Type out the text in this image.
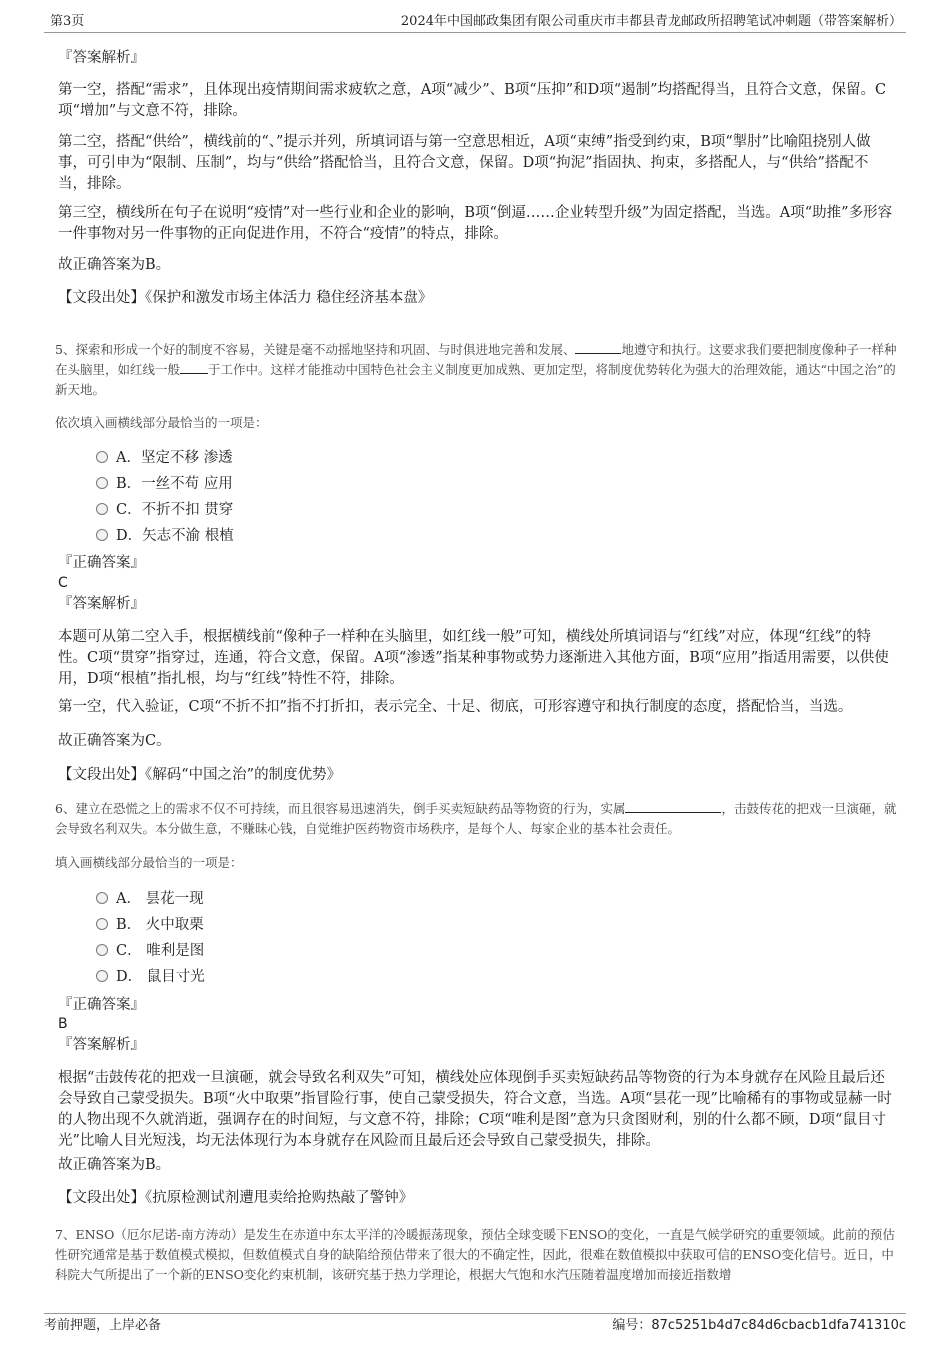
第3页	2024年中国邮政集团有限公司重庆市丰都县青龙邮政所招聘笔试冲刺题（带答案解析）
『答案解析』
第一空，搭配“需求”，且体现出疫情期间需求疲软之意，A项“减少”、B项“压抑”和D项“遏制”均搭配得当，且符合文意，保留。C项“增加”与文意不符，排除。
第二空，搭配“供给”，横线前的“、”提示并列，所填词语与第一空意思相近，A项“束缚”指受到约束，B项“掣肘”比喻阻挠别人做事，可引申为“限制、压制”，均与“供给”搭配恰当，且符合文意，保留。D项“拘泥”指固执、拘束，多搭配人，与“供给”搭配不当，排除。
第三空，横线所在句子在说明“疫情”对一些行业和企业的影响，B项“倒逼……企业转型升级”为固定搭配，当选。A项“助推”多形容一件事物对另一件事物的正向促进作用，不符合“疫情”的特点，排除。
故正确答案为B。
【文段出处】《保护和激发市场主体活力 稳住经济基本盘》
5、探索和形成一个好的制度不容易，关键是毫不动摇地坚持和巩固、与时俱进地完善和发展、	地遵守和执行。这要求我们要把制度像种子一样种在头脑里，如红线一般 于工作中。这样才能推动中国特色社会主义制度更加成熟、更加定型，将制度优势转化为强大的治理效能，通达“中国之治”的新天地。
依次填入画横线部分最恰当的一项是：
A．坚定不移 渗透
B．一丝不苟 应用
C．不折不扣 贯穿
D．矢志不渝 根植
『正确答案』
C
『答案解析』
本题可从第二空入手，根据横线前“像种子一样种在头脑里，如红线一般”可知，横线处所填词语与“红线”对应，体现“红线”的特性。C项“贯穿”指穿过，连通，符合文意，保留。A项“渗透”指某种事物或势力逐渐进入其他方面，B项“应用”指适用需要，以供使用，D项“根植”指扎根，均与“红线”特性不符，排除。
第一空，代入验证，C项“不折不扣”指不打折扣，表示完全、十足、彻底，可形容遵守和执行制度的态度，搭配恰当，当选。
故正确答案为C。
【文段出处】《解码“中国之治”的制度优势》
6、建立在恐慌之上的需求不仅不可持续，而且很容易迅速消失，倒手买卖短缺药品等物资的行为，实属	，击鼓传花的把戏一旦演砸，就会导致名利双失。本分做生意，不赚昧心钱，自觉维护医药物资市场秩序，是每个人、每家企业的基本社会责任。
填入画横线部分最恰当的一项是：
A． 昙花一现
B． 火中取栗
C． 唯利是图
D． 鼠目寸光
『正确答案』
B
『答案解析』
根据“击鼓传花的把戏一旦演砸，就会导致名利双失”可知，横线处应体现倒手买卖短缺药品等物资的行为本身就存在风险且最后还会导致自己蒙受损失。B项“火中取栗”指冒险行事，使自己蒙受损失，符合文意，当选。A项“昙花一现”比喻稀有的事物或显赫一时的人物出现不久就消逝，强调存在的时间短，与文意不符，排除；C项“唯利是图”意为只贪图财利，别的什么都不顾，D项“鼠目寸光”比喻人目光短浅，均无法体现行为本身就存在风险而且最后还会导致自己蒙受损失，排除。
故正确答案为B。
【文段出处】《抗原检测试剂遭甩卖给抢购热敲了警钟》
7、ENSO（厄尔尼诺-南方涛动）是发生在赤道中东太平洋的冷暖振荡现象，预估全球变暖下ENSO的变化，一直是气候学研究的重要领域。此前的预估性研究通常是基于数值模式模拟，但数值模式自身的缺陷给预估带来了很大的不确定性，因此，很难在数值模拟中获取可信的ENSO变化信号。近日，中科院大气所提出了一个新的ENSO变化约束机制，该研究基于热力学理论，根据大气饱和水汽压随着温度增加而接近指数增
考前押题，上岸必备	编号：87c5251b4d7c84d6cbacb1dfa741310c
